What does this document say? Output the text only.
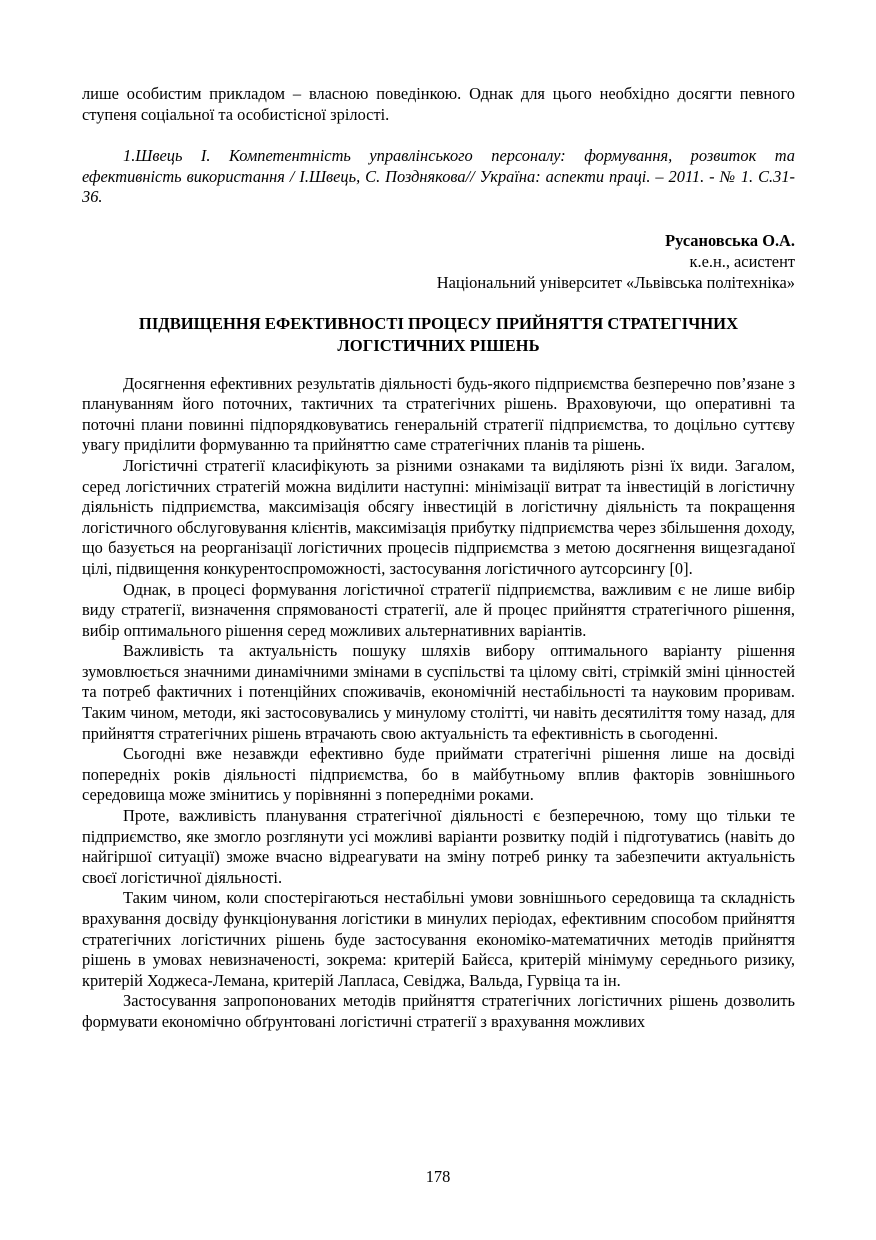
лише особистим прикладом – власною поведінкою. Однак для цього необхідно досягти певного ступеня соціальної та особистісної зрілості.

1.Швець І. Компетентність управлінського персоналу: формування, розвиток та ефективність використання / І.Швець, С. Позднякова// Україна: аспекти праці. – 2011. - № 1. С.31-36.

Русановська О.А.
к.е.н., асистент
Національний університет «Львівська політехніка»
ПІДВИЩЕННЯ ЕФЕКТИВНОСТІ ПРОЦЕСУ ПРИЙНЯТТЯ СТРАТЕГІЧНИХ ЛОГІСТИЧНИХ РІШЕНЬ

Досягнення ефективних результатів діяльності будь-якого підприємства безперечно пов’язане з плануванням його поточних, тактичних та стратегічних рішень. Враховуючи, що оперативні та поточні плани повинні підпорядковуватись генеральній стратегії підприємства, то доцільно суттєву увагу приділити формуванню та прийняттю саме стратегічних планів та рішень.

Логістичні стратегії класифікують за різними ознаками та виділяють різні їх види. Загалом, серед логістичних стратегій можна виділити наступні: мінімізації витрат та інвестицій в логістичну діяльність підприємства, максимізація обсягу інвестицій в логістичну діяльність та покращення логістичного обслуговування клієнтів, максимізація прибутку підприємства через збільшення доходу, що базується на реорганізації логістичних процесів підприємства з метою досягнення вищезгаданої цілі, підвищення конкурентоспроможності, застосування логістичного аутсорсингу [0].

Однак, в процесі формування логістичної стратегії підприємства, важливим є не лише вибір виду стратегії, визначення спрямованості стратегії, але й процес прийняття стратегічного рішення, вибір оптимального рішення серед можливих альтернативних варіантів.

Важливість та актуальність пошуку шляхів вибору оптимального варіанту рішення зумовлюється значними динамічними змінами в суспільстві та цілому світі, стрімкій зміні цінностей та потреб фактичних і потенційних споживачів, економічній нестабільності та науковим проривам. Таким чином, методи, які застосовувались у минулому столітті, чи навіть десятиліття тому назад, для прийняття стратегічних рішень втрачають свою актуальність та ефективність в сьогоденні.

Сьогодні вже незавжди ефективно буде приймати стратегічні рішення лише на досвіді попередніх років діяльності підприємства, бо в майбутньому вплив факторів зовнішнього середовища може змінитись у порівнянні з попередніми роками.

Проте, важливість планування стратегічної діяльності є безперечною, тому що тільки те підприємство, яке змогло розглянути усі можливі варіанти розвитку подій і підготуватись (навіть до найгіршої ситуації) зможе вчасно відреагувати на зміну потреб ринку та забезпечити актуальність своєї логістичної діяльності.

Таким чином, коли спостерігаються нестабільні умови зовнішнього середовища та складність врахування досвіду функціонування логістики в минулих періодах, ефективним способом прийняття стратегічних логістичних рішень буде застосування економіко-математичних методів прийняття рішень в умовах невизначеності, зокрема: критерій Байєса, критерій мінімуму середнього ризику, критерій Ходжеса-Лемана, критерій Лапласа, Севіджа, Вальда, Гурвіца та ін.

Застосування запропонованих методів прийняття стратегічних логістичних рішень дозволить формувати економічно обґрунтовані логістичні стратегії з врахування можливих

178
